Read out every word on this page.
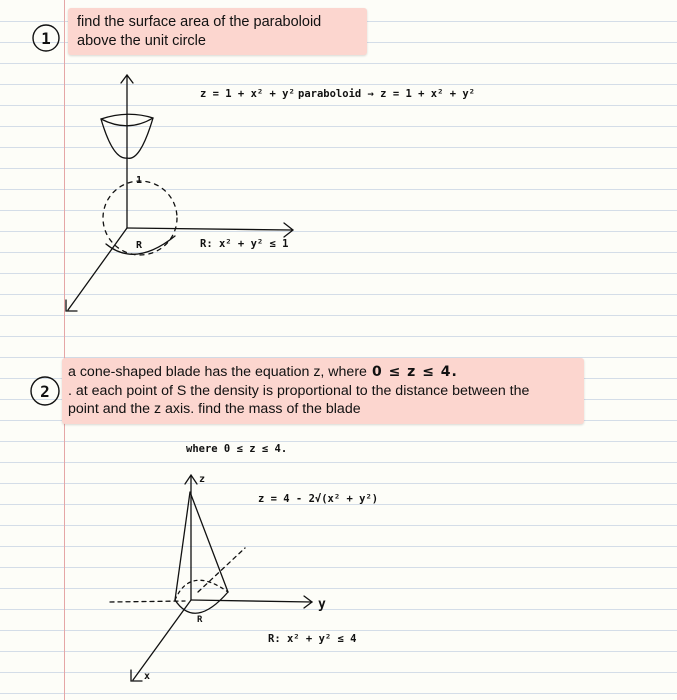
find the surface area of the paraboloid
above the unit circle
a cone-shaped blade has the equation z, where 0 ≤ z ≤ 4.
. at each point of S the density is proportional to the distance between the
point and the z axis. find the mass of the blade
1
2
1
R	R: x² + y² ≤ 1
z = 1 + x² + y² paraboloid → z = 1 + x² + y²
where 0 ≤ z ≤ 4.
R
z
y
x
z = 4 - 2√(x² + y²)
R: x² + y² ≤ 4
